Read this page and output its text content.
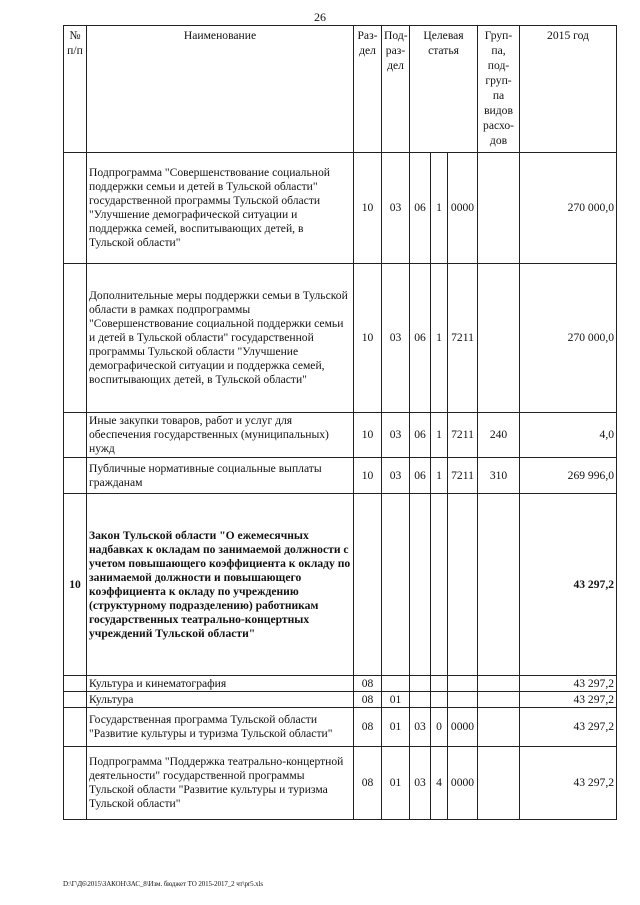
26
№ п/п	Наименование	Раз-дел	Под-раз-дел	Целевая статья			Груп-па, под-груп-па видов расхо-дов	2015 год
	Подпрограмма "Совершенствование социальной поддержки семьи и детей в Тульской области" государственной программы Тульской области "Улучшение демографической ситуации и поддержка семей, воспитывающих детей, в Тульской области"	10	03	06	1	0000		270 000,0
	Дополнительные меры поддержки семьи в Тульской области в рамках подпрограммы "Совершенствование социальной поддержки семьи и детей в Тульской области" государственной программы Тульской области "Улучшение демографической ситуации и поддержка семей, воспитывающих детей, в Тульской области"	10	03	06	1	7211		270 000,0
	Иные закупки товаров, работ и услуг для обеспечения государственных (муниципальных) нужд	10	03	06	1	7211	240	4,0
	Публичные нормативные социальные выплаты гражданам	10	03	06	1	7211	310	269 996,0
10	Закон Тульской области "О ежемесячных надбавках к окладам по занимаемой должности с учетом повышающего коэффициента к окладу по занимаемой должности и повышающего коэффициента к окладу по учреждению (структурному подразделению) работникам государственных театрально-концертных учреждений Тульской области"							43 297,2
	Культура и кинематография	08						43 297,2
	Культура	08	01					43 297,2
	Государственная программа Тульской области "Развитие культуры и туризма Тульской области"	08	01	03	0	0000		43 297,2
	Подпрограмма "Поддержка театрально-концертной деятельности" государственной программы Тульской области "Развитие культуры и туризма Тульской области"	08	01	03	4	0000		43 297,2
D:\Г\Д6\2015\ЗАКОН\ЗАС_8\Изм. бюджет ТО 2015-2017_2 чт\pr5.xls
